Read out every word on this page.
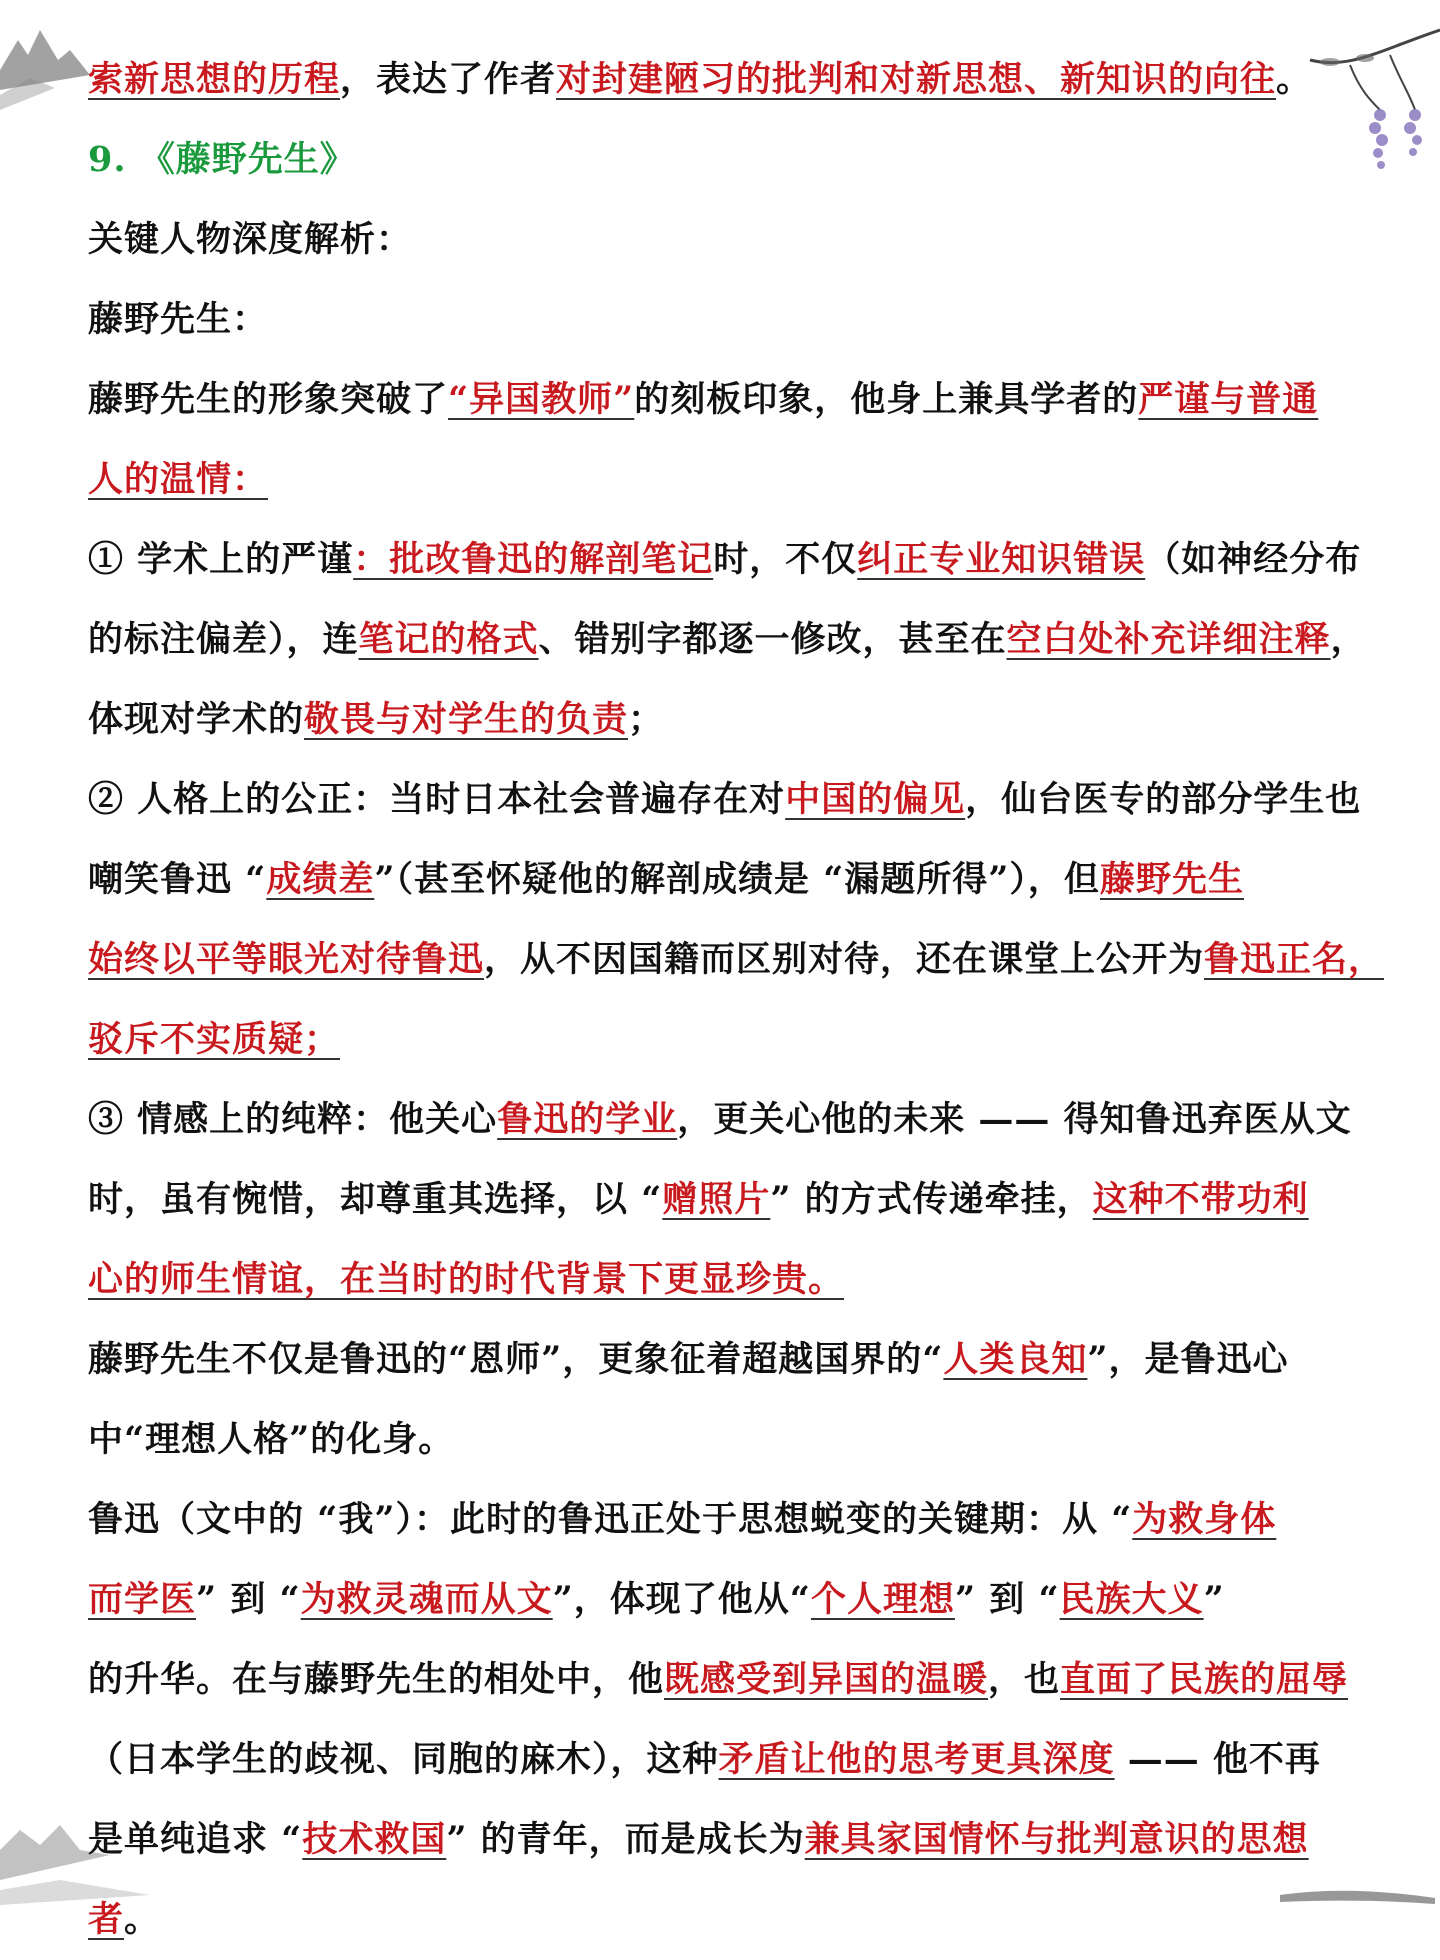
索新思想的历程，表达了作者对封建陋习的批判和对新思想、新知识的向往。
9. 《藤野先生》
关键人物深度解析：
藤野先生：
藤野先生的形象突破了“异国教师”的刻板印象，他身上兼具学者的严谨与普通
人的温情：
① 学术上的严谨：批改鲁迅的解剖笔记时，不仅纠正专业知识错误（如神经分布
的标注偏差），连笔记的格式、错别字都逐一修改，甚至在空白处补充详细注释，
体现对学术的敬畏与对学生的负责；
② 人格上的公正：当时日本社会普遍存在对中国的偏见，仙台医专的部分学生也
嘲笑鲁迅 “成绩差”（甚至怀疑他的解剖成绩是 “漏题所得”），但藤野先生
始终以平等眼光对待鲁迅，从不因国籍而区别对待，还在课堂上公开为鲁迅正名，
驳斥不实质疑；
③ 情感上的纯粹：他关心鲁迅的学业，更关心他的未来 —— 得知鲁迅弃医从文
时，虽有惋惜，却尊重其选择，以 “赠照片” 的方式传递牵挂，这种不带功利
心的师生情谊，在当时的时代背景下更显珍贵。
藤野先生不仅是鲁迅的“恩师”，更象征着超越国界的“人类良知”，是鲁迅心
中“理想人格”的化身。
鲁迅（文中的 “我”）：此时的鲁迅正处于思想蜕变的关键期：从 “为救身体
而学医” 到 “为救灵魂而从文”，体现了他从“个人理想” 到 “民族大义”
的升华。在与藤野先生的相处中，他既感受到异国的温暖，也直面了民族的屈辱
（日本学生的歧视、同胞的麻木），这种矛盾让他的思考更具深度 —— 他不再
是单纯追求 “技术救国” 的青年，而是成长为兼具家国情怀与批判意识的思想
者。
